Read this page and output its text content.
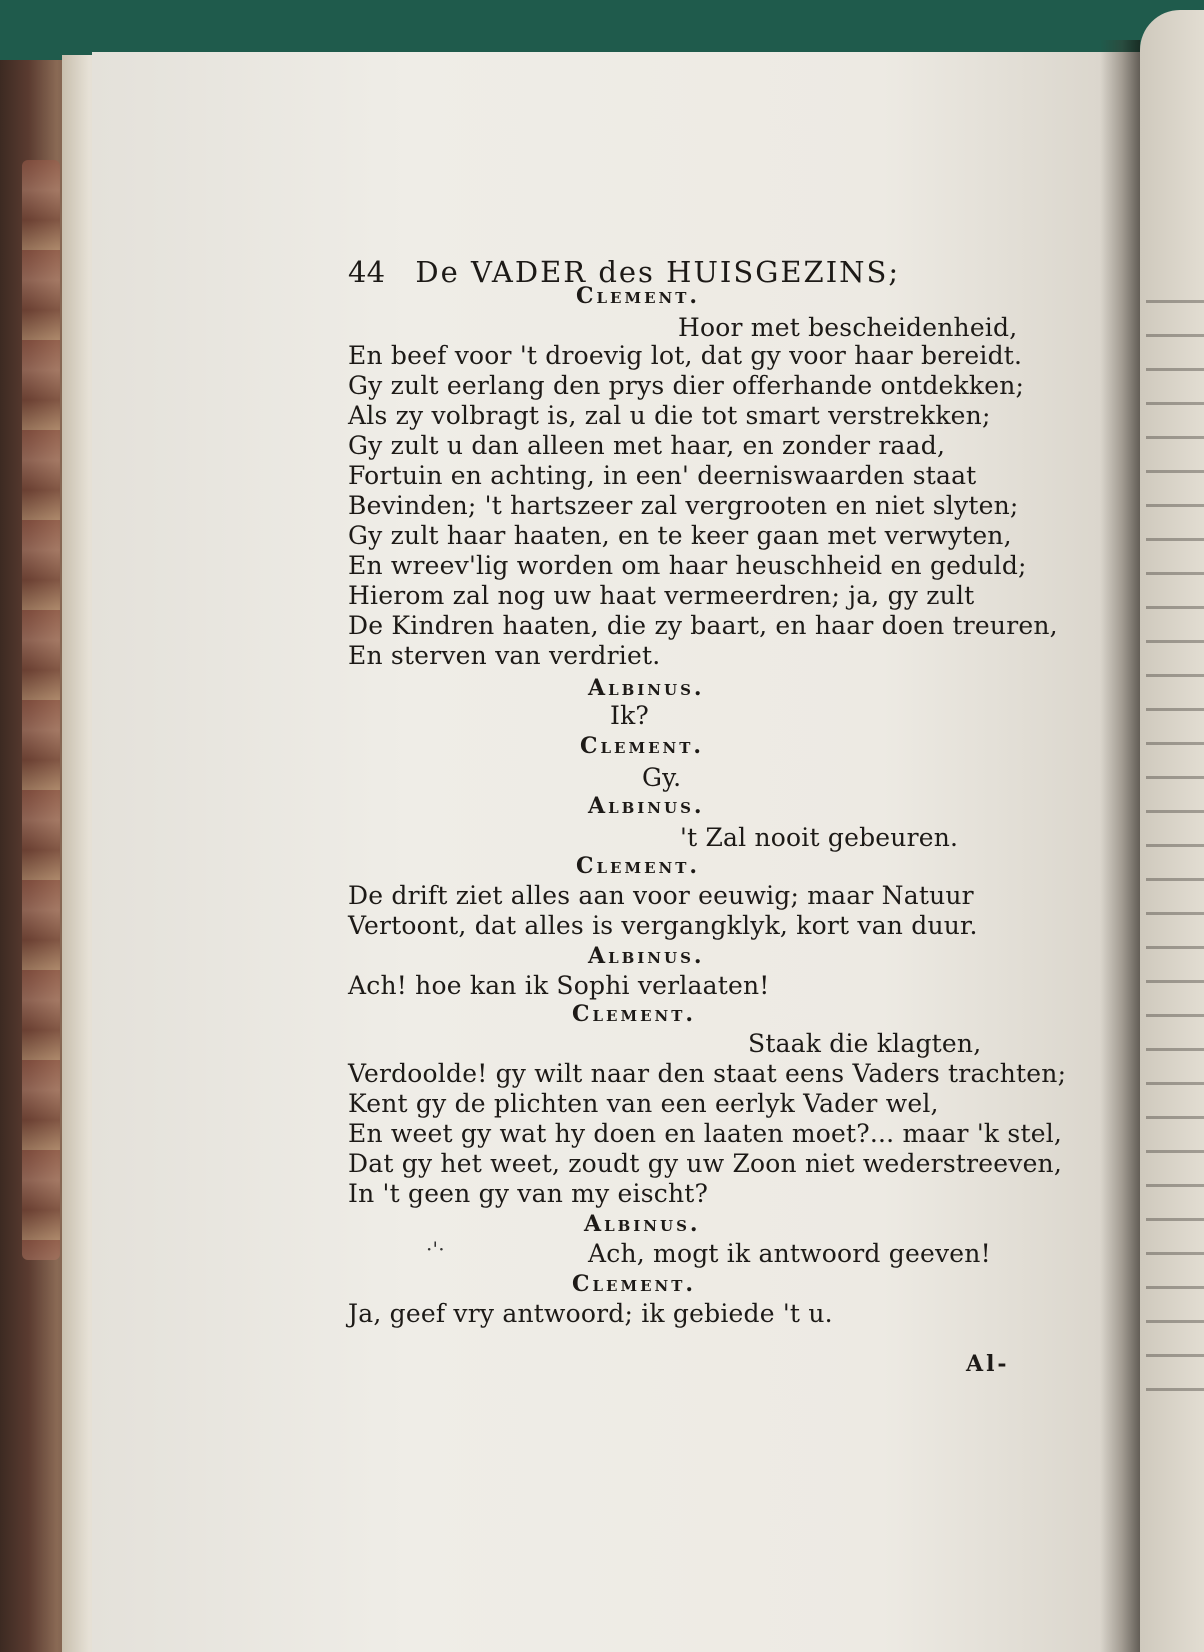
44 De VADER des HUISGEZINS;
Clement.
Hoor met bescheidenheid,
En beef voor 't droevig lot, dat gy voor haar bereidt.
Gy zult eerlang den prys dier offerhande ontdekken;
Als zy volbragt is, zal u die tot smart verstrekken;
Gy zult u dan alleen met haar, en zonder raad,
Fortuin en achting, in een' deerniswaarden staat
Bevinden; 't hartszeer zal vergrooten en niet slyten;
Gy zult haar haaten, en te keer gaan met verwyten,
En wreev'lig worden om haar heuschheid en geduld;
Hierom zal nog uw haat vermeerdren; ja, gy zult
De Kindren haaten, die zy baart, en haar doen treuren,
En sterven van verdriet.
Albinus.
Ik?
Clement.
Gy.
Albinus.
't Zal nooit gebeuren.
Clement.
De drift ziet alles aan voor eeuwig; maar Natuur
Vertoont, dat alles is vergangklyk, kort van duur.
Albinus.
Ach! hoe kan ik Sophi verlaaten!
Clement.
Staak die klagten,
Verdoolde! gy wilt naar den staat eens Vaders trachten;
Kent gy de plichten van een eerlyk Vader wel,
En weet gy wat hy doen en laaten moet?... maar 'k stel,
Dat gy het weet, zoudt gy uw Zoon niet wederstreeven,
In 't geen gy van my eischt?
Albinus.
·'·	Ach, mogt ik antwoord geeven!
Clement.
Ja, geef vry antwoord; ik gebiede 't u.
Al-
